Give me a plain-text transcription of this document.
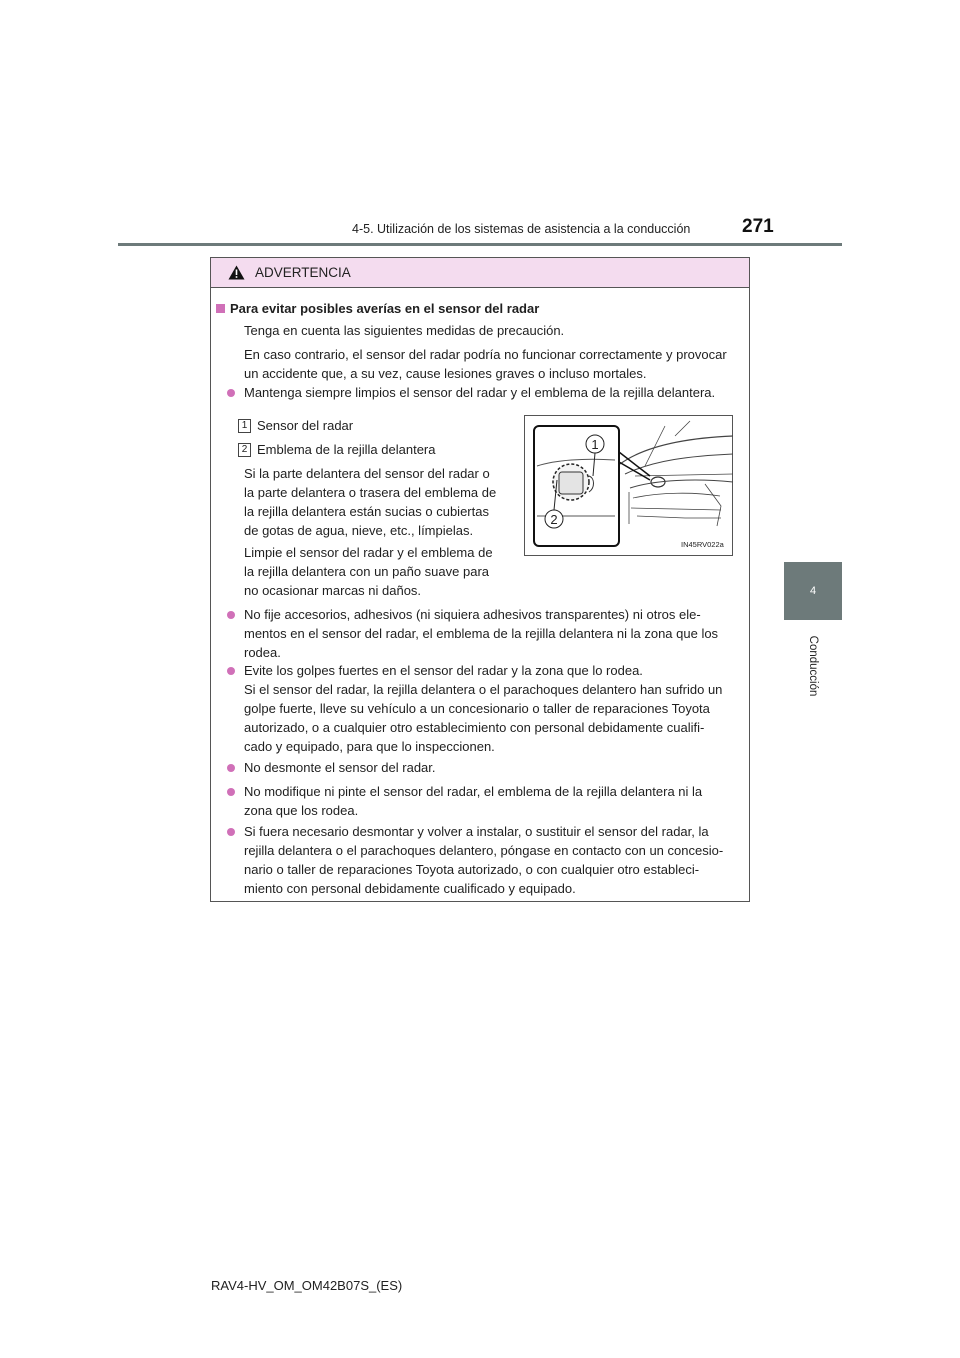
4-5. Utilización de los sistemas de asistencia a la conducción	271
4
Conducción
ADVERTENCIA
Para evitar posibles averías en el sensor del radar
Tenga en cuenta las siguientes medidas de precaución.
En caso contrario, el sensor del radar podría no funcionar correctamente y provocar
un accidente que, a su vez, cause lesiones graves o incluso mortales.
Mantenga siempre limpios el sensor del radar y el emblema de la rejilla delantera.
1 Sensor del radar
2 Emblema de la rejilla delantera
Si la parte delantera del sensor del radar o
la parte delantera o trasera del emblema de
la rejilla delantera están sucias o cubiertas
de gotas de agua, nieve, etc., límpielas.
Limpie el sensor del radar y el emblema de
la rejilla delantera con un paño suave para
no ocasionar marcas ni daños.
No fije accesorios, adhesivos (ni siquiera adhesivos transparentes) ni otros ele-
mentos en el sensor del radar, el emblema de la rejilla delantera ni la zona que los
rodea.
Evite los golpes fuertes en el sensor del radar y la zona que lo rodea.
Si el sensor del radar, la rejilla delantera o el parachoques delantero han sufrido un
golpe fuerte, lleve su vehículo a un concesionario o taller de reparaciones Toyota
autorizado, o a cualquier otro establecimiento con personal debidamente cualifi-
cado y equipado, para que lo inspeccionen.
No desmonte el sensor del radar.
No modifique ni pinte el sensor del radar, el emblema de la rejilla delantera ni la
zona que los rodea.
Si fuera necesario desmontar y volver a instalar, o sustituir el sensor del radar, la
rejilla delantera o el parachoques delantero, póngase en contacto con un concesio-
nario o taller de reparaciones Toyota autorizado, o con cualquier otro estableci-
miento con personal debidamente cualificado y equipado.
1
2
IN45RV022a
RAV4-HV_OM_OM42B07S_(ES)
